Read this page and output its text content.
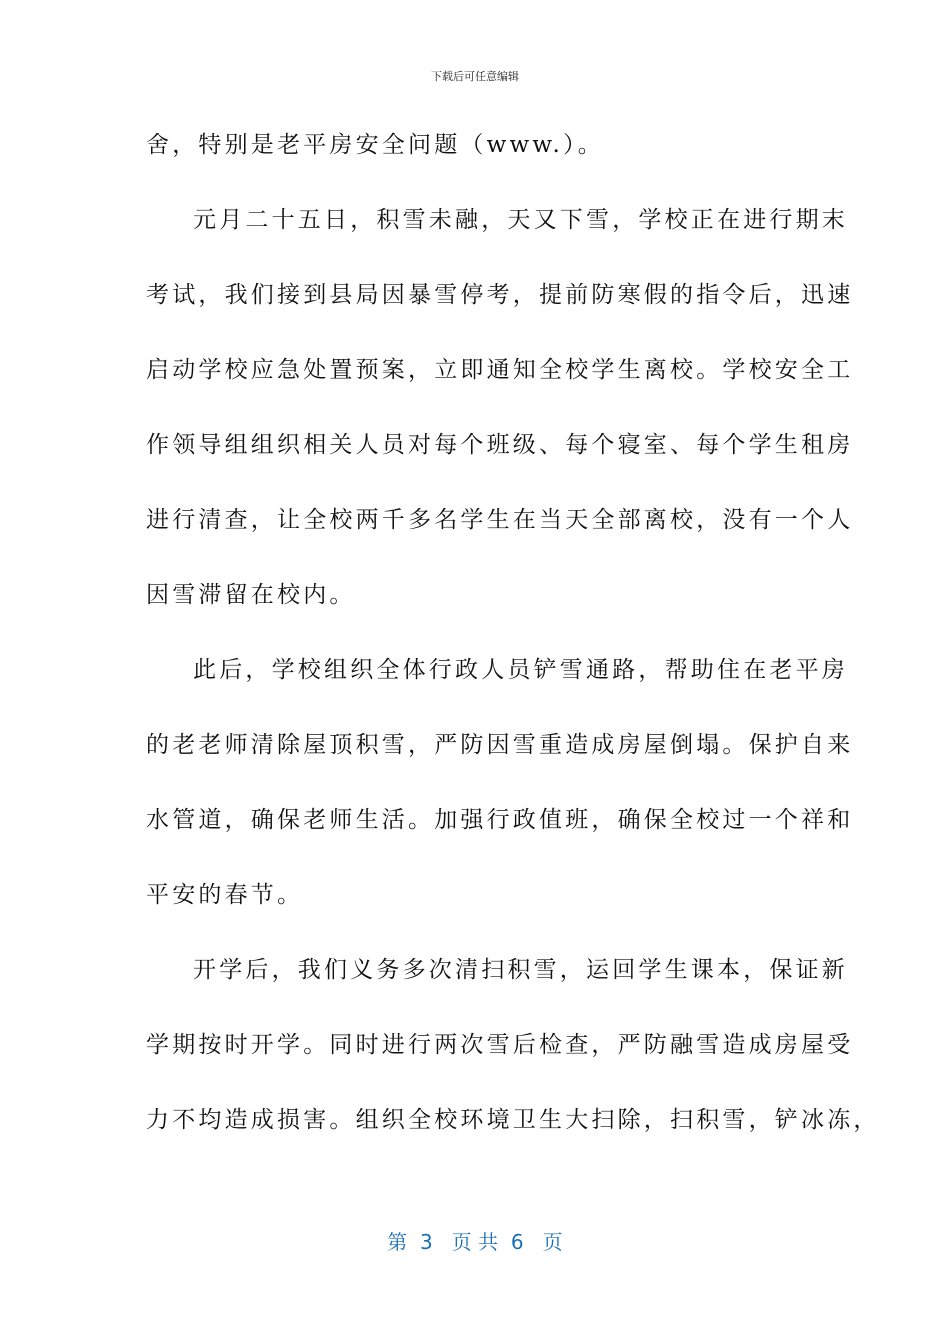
下载后可任意编辑
舍，特别是老平房安全问题（www.）。
元月二十五日，积雪未融，天又下雪，学校正在进行期末
考试，我们接到县局因暴雪停考，提前防寒假的指令后，迅速
启动学校应急处置预案，立即通知全校学生离校。学校安全工
作领导组组织相关人员对每个班级、每个寝室、每个学生租房
进行清查，让全校两千多名学生在当天全部离校，没有一个人
因雪滞留在校内。
此后，学校组织全体行政人员铲雪通路，帮助住在老平房
的老老师清除屋顶积雪，严防因雪重造成房屋倒塌。保护自来
水管道，确保老师生活。加强行政值班，确保全校过一个祥和
平安的春节。
开学后，我们义务多次清扫积雪，运回学生课本，保证新
学期按时开学。同时进行两次雪后检查，严防融雪造成房屋受
力不均造成损害。组织全校环境卫生大扫除，扫积雪，铲冰冻，
第  3   页 共  6   页
